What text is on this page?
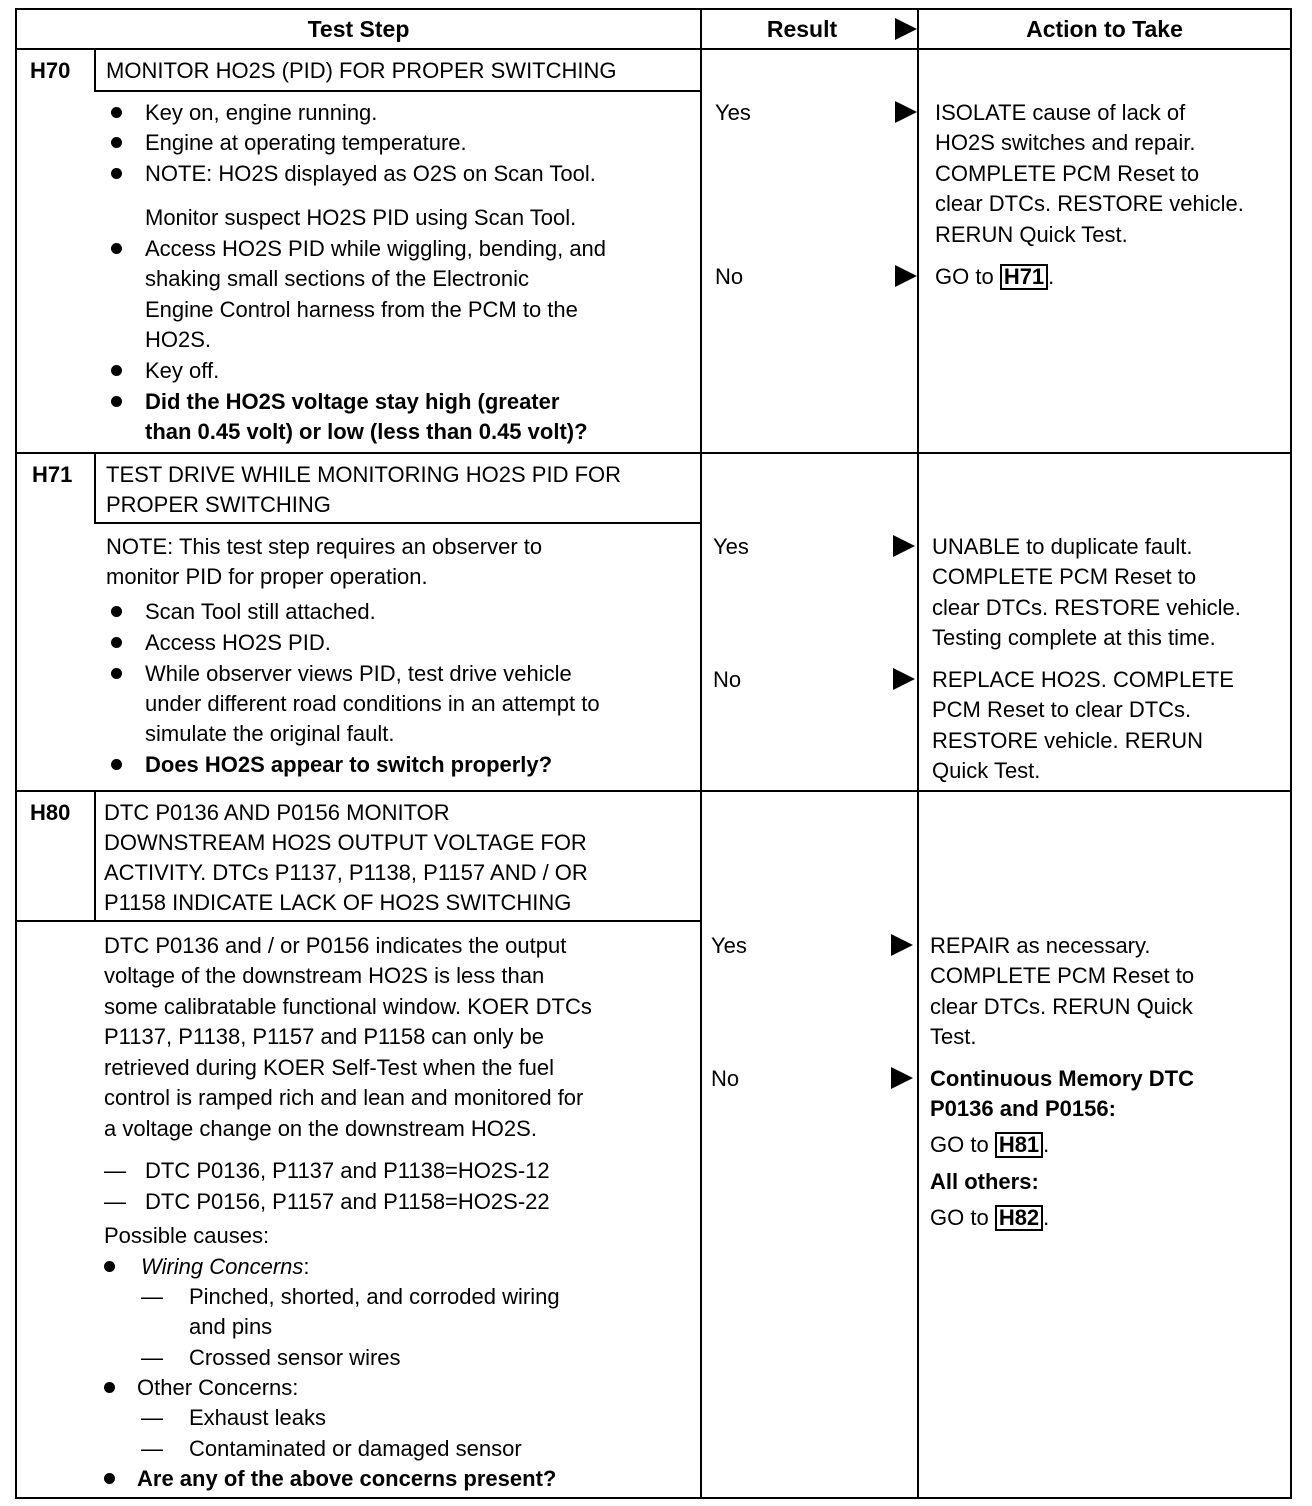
Test Step	Result	Action to Take
H70 MONITOR HO2S (PID) FOR PROPER SWITCHING
Key on, engine running.
Engine at operating temperature.
NOTE: HO2S displayed as O2S on Scan Tool.
Monitor suspect HO2S PID using Scan Tool.
Access HO2S PID while wiggling, bending, and
shaking small sections of the Electronic
Engine Control harness from the PCM to the
HO2S.
Key off.
Did the HO2S voltage stay high (greater
than 0.45 volt) or low (less than 0.45 volt)?
Yes	ISOLATE cause of lack of
HO2S switches and repair.
COMPLETE PCM Reset to
clear DTCs. RESTORE vehicle.
RERUN Quick Test.
No	GO to H71 .
H71 TEST DRIVE WHILE MONITORING HO2S PID FOR
PROPER SWITCHING
NOTE: This test step requires an observer to
monitor PID for proper operation.
Scan Tool still attached.
Access HO2S PID.
While observer views PID, test drive vehicle
under different road conditions in an attempt to
simulate the original fault.
Does HO2S appear to switch properly?
Yes	UNABLE to duplicate fault.
COMPLETE PCM Reset to
clear DTCs. RESTORE vehicle.
Testing complete at this time.
No	REPLACE HO2S. COMPLETE
PCM Reset to clear DTCs.
RESTORE vehicle. RERUN
Quick Test.
H80 DTC P0136 AND P0156 MONITOR
DOWNSTREAM HO2S OUTPUT VOLTAGE FOR
ACTIVITY. DTCs P1137, P1138, P1157 AND / OR
P1158 INDICATE LACK OF HO2S SWITCHING
DTC P0136 and / or P0156 indicates the output
voltage of the downstream HO2S is less than
some calibratable functional window. KOER DTCs
P1137, P1138, P1157 and P1158 can only be
retrieved during KOER Self-Test when the fuel
control is ramped rich and lean and monitored for
a voltage change on the downstream HO2S.
— DTC P0136, P1137 and P1138=HO2S-12
— DTC P0156, P1157 and P1158=HO2S-22
Possible causes:
Wiring Concerns:
— Pinched, shorted, and corroded wiring
and pins
— Crossed sensor wires
Other Concerns:
— Exhaust leaks
— Contaminated or damaged sensor
Are any of the above concerns present?
Yes	REPAIR as necessary.
COMPLETE PCM Reset to
clear DTCs. RERUN Quick
Test.
No	Continuous Memory DTC
P0136 and P0156:
GO to H81 .
All others:
GO to H82 .
